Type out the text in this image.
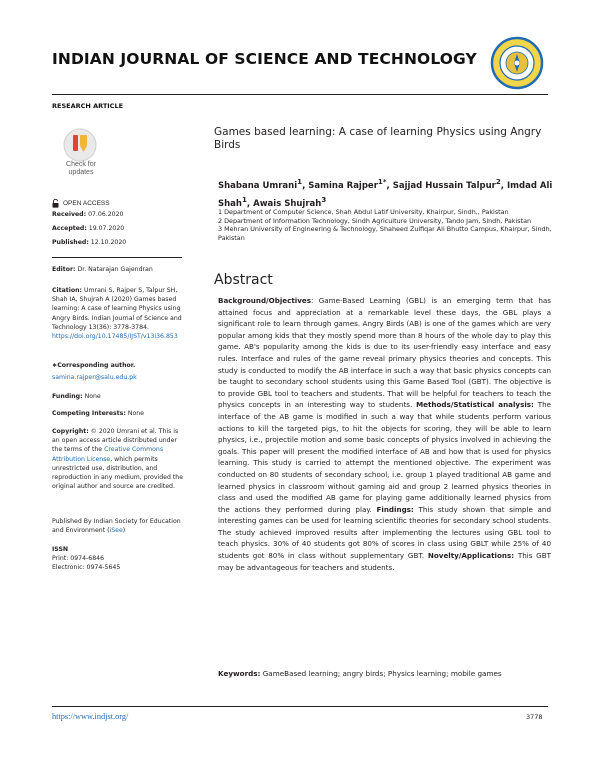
INDIAN JOURNAL OF SCIENCE AND TECHNOLOGY
RESEARCH ARTICLE
Check for
updates
OPEN ACCESS
Received: 07.06.2020
Accepted: 19.07.2020
Published: 12.10.2020
Editor: Dr. Natarajan Gajendran
Citation: Umrani S, Rajper S, Talpur SH, Shah IA, Shujrah A (2020) Games based learning: A case of learning Physics using Angry Birds. Indian Journal of Science and Technology 13(36): 3778-3784. https://doi.org/10.17485/IJST/v13i36.853
∗Corresponding author.
samina.rajper@salu.edu.pk
Funding: None
Competing Interests: None
Copyright: © 2020 Umrani et al. This is an open access article distributed under the terms of the Creative Commons Attribution License, which permits unrestricted use, distribution, and reproduction in any medium, provided the original author and source are credited.
Published By Indian Society for Education and Environment (iSee)
ISSN
Print: 0974-6846
Electronic: 0974-5645
Games based learning: A case of learning Physics using Angry Birds
Shabana Umrani$^1$, Samina Rajper$^{1*}$, Sajjad Hussain Talpur$^2$, Imdad Ali Shah$^1$, Awais Shujrah$^3$
1 Department of Computer Science, Shah Abdul Latif University, Khairpur, Sindh,, Pakistan
2 Department of Information Technology, Sindh Agriculture University, Tando Jam, Sindh, Pakistan
3 Mehran University of Engineering & Technology, Shaheed Zulfiqar Ali Bhutto Campus, Khairpur, Sindh, Pakistan
Abstract
Background/Objectives: Game-Based Learning (GBL) is an emerging term that has attained focus and appreciation at a remarkable level these days, the GBL plays a significant role to learn through games. Angry Birds (AB) is one of the games which are very popular among kids that they mostly spend more than 8 hours of the whole day to play this game. AB's popularity among the kids is due to its user-friendly easy interface and easy rules. Interface and rules of the game reveal primary physics theories and concepts. This study is conducted to modify the AB interface in such a way that basic physics concepts can be taught to secondary school students using this Game Based Tool (GBT). The objective is to provide GBL tool to teachers and students. That will be helpful for teachers to teach the physics concepts in an interesting way to students. Methods/Statistical analysis: The interface of the AB game is modified in such a way that while students perform various actions to kill the targeted pigs, to hit the objects for scoring, they will be able to learn physics, i.e., projectile motion and some basic concepts of physics involved in achieving the goals. This paper will present the modified interface of AB and how that is used for physics learning. This study is carried to attempt the mentioned objective. The experiment was conducted on 80 students of secondary school, i.e. group 1 played traditional AB game and learned physics in classroom without gaming aid and group 2 learned physics theories in class and used the modified AB game for playing game additionally learned physics from the actions they performed during play. Findings: This study shown that simple and interesting games can be used for learning scientific theories for secondary school students. The study achieved improved results after implementing the lectures using GBL tool to teach physics. 30% of 40 students got 80% of scores in class using GBLT while 25% of 40 students got 80% in class without supplementary GBT. Novelty/Applications: This GBT may be advantageous for teachers and students.
Keywords: GameBased learning; angry birds; Physics learning; mobile games
https://www.indjst.org/	3778
